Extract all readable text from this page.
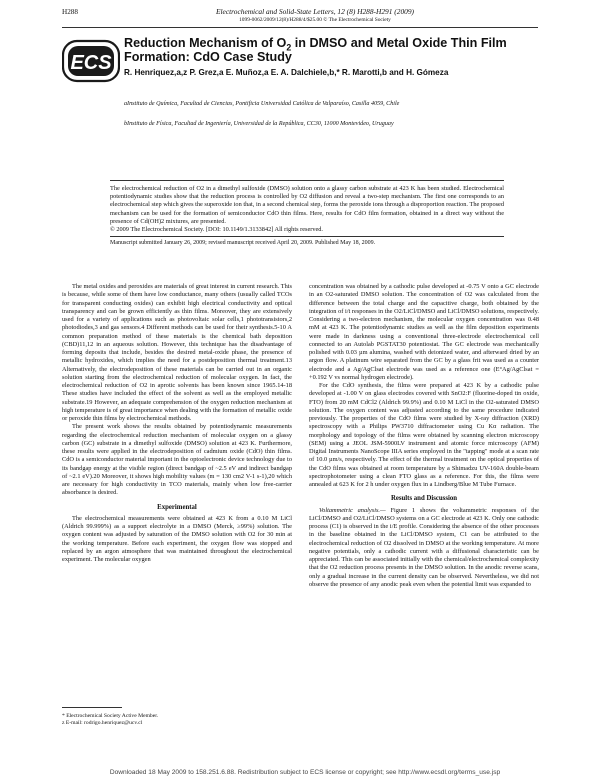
H288	Electrochemical and Solid-State Letters, 12 (8) H288-H291 (2009)
1099-0062/2009/12(8)/H288/4/$25.00 © The Electrochemical Society
ECS
Reduction Mechanism of $O_2$ in DMSO and Metal Oxide Thin Film Formation: CdO Case Study
R. Henriquez,a,z P. Grez,a E. Muñoz,a E. A. Dalchiele,b,* R. Marotti,b and H. Gómeza
aInstituto de Química, Facultad de Ciencias, Pontificia Universidad Católica de Valparaíso, Casilla 4059, Chile
bInstituto de Física, Facultad de Ingeniería, Universidad de la República, CC30, 11000 Montevideo, Uruguay
The electrochemical reduction of O2 in a dimethyl sulfoxide (DMSO) solution onto a glassy carbon substrate at 423 K has been studied. Electrochemical potentiodynamic studies show that the reduction process is controlled by O2 diffusion and reveal a two-step mechanism. The first one corresponds to an electrochemical step which gives the superoxide ion that, in a second chemical step, forms the peroxide ions through a disproportion reaction. The proposed mechanism can be used for the formation of semiconductor CdO thin films. Here, results for CdO film formation, obtained in a direct way without the presence of Cd(OH)2 mixtures, are presented.
© 2009 The Electrochemical Society. [DOI: 10.1149/1.3133842] All rights reserved.
Manuscript submitted January 26, 2009; revised manuscript received April 20, 2009. Published May 18, 2009.

The metal oxides and peroxides are materials of great interest in current research. This is because, while some of them have low conductance, many others (usually called TCOs for transparent conducting oxides) can exhibit high electrical conductivity and optical transparency and can be grown efficiently as thin films. Moreover, they are extensively used for a variety of applications such as photovoltaic solar cells,1 phototransistors,2 photodiodes,3 and gas sensors.4 Different methods can be used for their synthesis.5-10 A common preparation method of these materials is the chemical bath deposition (CBD)11,12 in an aqueous solution. However, this technique has the disadvantage of forming deposits that include, besides the desired metal-oxide phase, the presence of metallic hydroxides, which implies the need for a postdeposition thermal treatment.13 Alternatively, the electrodeposition of these materials can be carried out in an organic solution starting from the electrochemical reduction of molecular oxygen. In fact, the electrochemical reduction of O2 in aprotic solvents has been known since 1965.14-18 These studies have included the effect of the solvent as well as the employed metallic substrate.19 However, an adequate comprehension of the oxygen reduction mechanism at high temperature is of great importance when dealing with the formation of metallic oxide or peroxide thin films by electrochemical methods.

The present work shows the results obtained by potentiodynamic measurements regarding the electrochemical reduction mechanism of molecular oxygen on a glassy carbon (GC) substrate in a dimethyl sulfoxide (DMSO) solution at 423 K. Furthermore, these results were applied in the electrodeposition of cadmium oxide (CdO) thin films. CdO is a semiconductor material important in the optoelectronic device technology due to its bandgap energy at the visible region (direct bandgap of ~2.5 eV and indirect bandgap of ~2.1 eV).20 Moreover, it shows high mobility values (m = 130 cm2 V-1 s-1),20 which are necessary for high conductivity in TCO materials, mainly when low free-carrier absorbance is desired.

Experimental

The electrochemical measurements were obtained at 423 K from a 0.10 M LiCl (Aldrich 99.999%) as a support electrolyte in a DMSO (Merck, ≥99%) solution. The oxygen content was adjusted by saturation of the DMSO solution with O2 for 30 min at the working temperature. Before each experiment, the oxygen flow was stopped and replaced by an argon atmosphere that was maintained throughout the electrochemical experiment. The molecular oxygen

concentration was obtained by a cathodic pulse developed at -0.75 V onto a GC electrode in an O2-saturated DMSO solution. The concentration of O2 was calculated from the difference between the total charge and the capacitive charge, both obtained by the integration of i/t responses in the O2/LiCl/DMSO and LiCl/DMSO solutions, respectively. Considering a two-electron mechanism, the molecular oxygen concentration was 0.48 mM at 423 K. The potentiodynamic studies as well as the film deposition experiments were made in darkness using a conventional three-electrode electrochemical cell connected to an Autolab PGSTAT30 potentiostat. The GC electrode was mechanically polished with 0.03 µm alumina, washed with deionized water, and afterward dried by an argon flow. A platinum wire separated from the GC by a glass frit was used as a counter electrode and a Ag/AgClsat electrode was used as a reference one (E°Ag/AgClsat = +0.192 V vs normal hydrogen electrode).

For the CdO synthesis, the films were prepared at 423 K by a cathodic pulse developed at -1.00 V on glass electrodes covered with SnO2:F (fluorine-doped tin oxide, FTO) from 20 mM CdCl2 (Aldrich 99.9%) and 0.10 M LiCl in the O2-saturated DMSO solution. The oxygen content was adjusted according to the same procedure indicated previously. The properties of the CdO films were studied by X-ray diffraction (XRD) spectroscopy with a Philips PW3710 diffractometer using Cu Kα radiation. The morphology and topology of the films were obtained by scanning electron microscopy (SEM) using a JEOL JSM-5900LV instrument and atomic force microscopy (AFM) Digital Instruments NanoScope IIIA series employed in the "tapping" mode at a scan rate of 10.0 µm/s, respectively. The effect of the thermal treatment on the optical properties of the CdO films was obtained at room temperature by a Shimadzu UV-160A double-beam spectrophotometer using a clean FTO glass as a reference. For this, the films were annealed at 623 K for 2 h under oxygen flux in a Lindberg/Blue M Tube Furnace.

Results and Discussion

Voltammetric analysis.— Figure 1 shows the voltammetric responses of the LiCl/DMSO and O2/LiCl/DMSO systems on a GC electrode at 423 K. Only one cathodic process (C1) is observed in the i/E profile. Considering the absence of the other processes in the baseline obtained in the LiCl/DMSO system, C1 can be attributed to the electrochemical reduction of O2 dissolved in DMSO at the working temperature. At more negative potentials, only a cathodic current with a diffusional characteristic can be appreciated. This can be associated initially with the chemical/electrochemical complexity that the O2 reduction process presents in the DMSO solution. In the anodic reverse scans, only a gradual increase in the current density can be observed. Nevertheless, we did not observe the presence of any anodic peak even when the potential limit was expanded to

* Electrochemical Society Active Member.
z E-mail: rodrigo.henriquez@ucv.cl
Downloaded 18 May 2009 to 158.251.6.88. Redistribution subject to ECS license or copyright; see http://www.ecsdl.org/terms_use.jsp
